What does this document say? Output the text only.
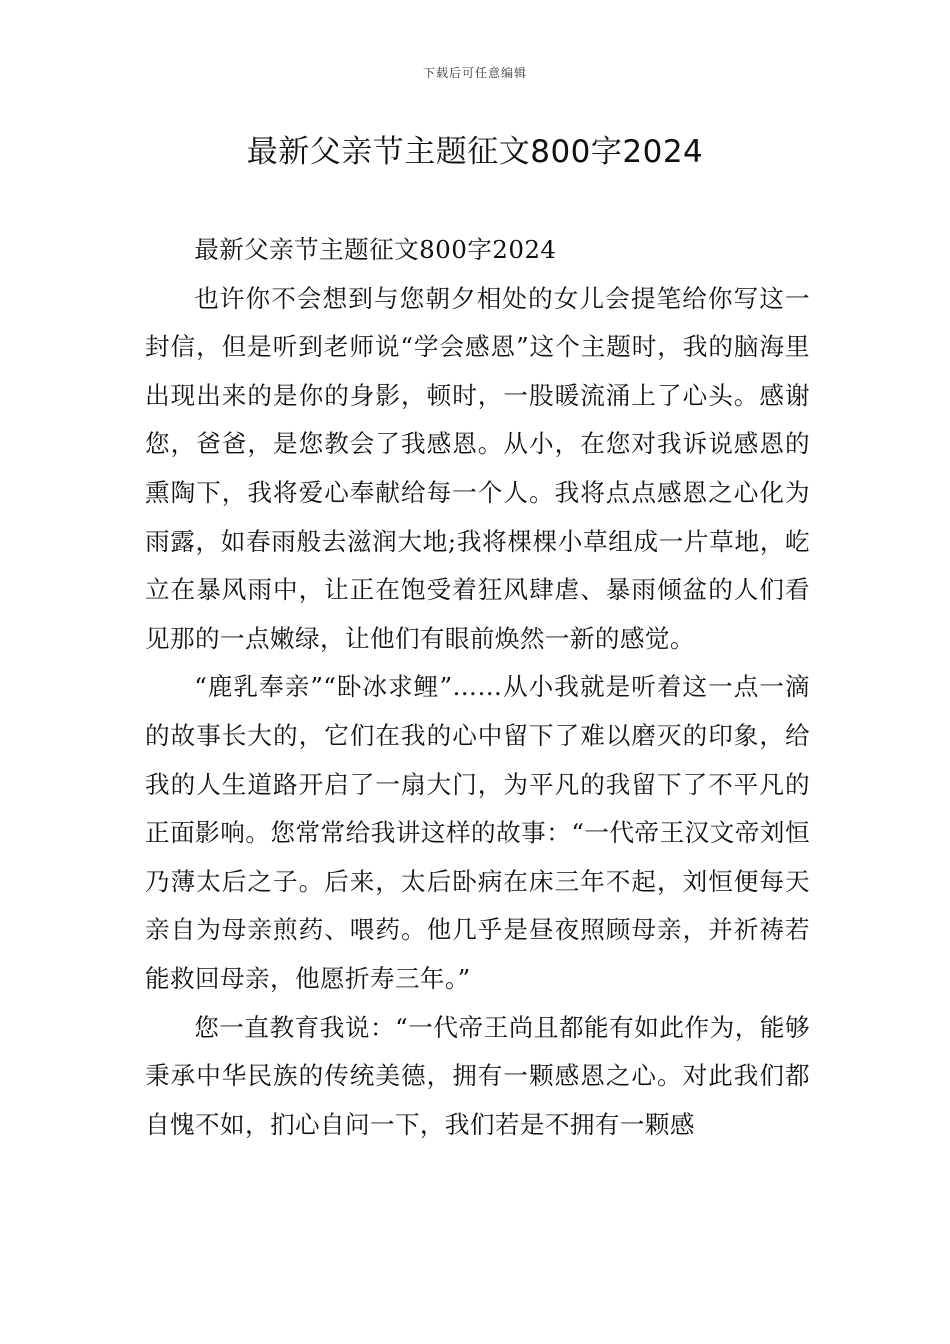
下载后可任意编辑
最新父亲节主题征文800字2024

最新父亲节主题征文800字2024

也许你不会想到与您朝夕相处的女儿会提笔给你写这一封信，但是听到老师说“学会感恩”这个主题时，我的脑海里出现出来的是你的身影，顿时，一股暖流涌上了心头。感谢您，爸爸，是您教会了我感恩。从小，在您对我诉说感恩的熏陶下，我将爱心奉献给每一个人。我将点点感恩之心化为雨露，如春雨般去滋润大地;我将棵棵小草组成一片草地，屹立在暴风雨中，让正在饱受着狂风肆虐、暴雨倾盆的人们看见那的一点嫩绿，让他们有眼前焕然一新的感觉。

“鹿乳奉亲”“卧冰求鲤”……从小我就是听着这一点一滴的故事长大的，它们在我的心中留下了难以磨灭的印象，给我的人生道路开启了一扇大门，为平凡的我留下了不平凡的正面影响。您常常给我讲这样的故事：“一代帝王汉文帝刘恒乃薄太后之子。后来，太后卧病在床三年不起，刘恒便每天亲自为母亲煎药、喂药。他几乎是昼夜照顾母亲，并祈祷若能救回母亲，他愿折寿三年。”

您一直教育我说：“一代帝王尚且都能有如此作为，能够秉承中华民族的传统美德，拥有一颗感恩之心。对此我们都自愧不如，扪心自问一下，我们若是不拥有一颗感
